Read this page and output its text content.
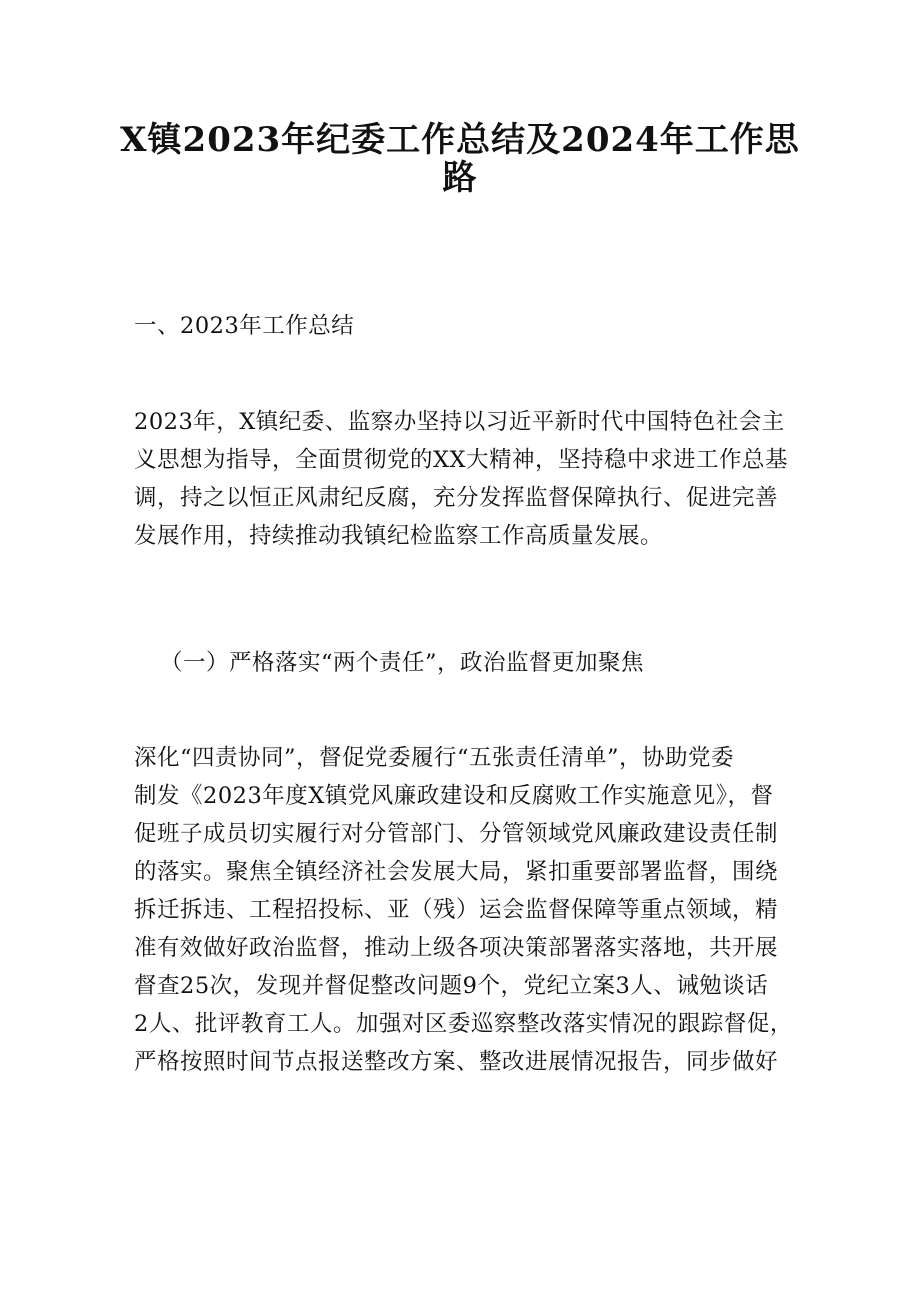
X镇2023年纪委工作总结及2024年工作思
路
一、2023年工作总结
2023年，X镇纪委、监察办坚持以习近平新时代中国特色社会主
义思想为指导，全面贯彻党的XX大精神，坚持稳中求进工作总基
调，持之以恒正风肃纪反腐，充分发挥监督保障执行、促进完善
发展作用，持续推动我镇纪检监察工作高质量发展。
（一）严格落实“两个责任”，政治监督更加聚焦
深化“四责协同”，督促党委履行“五张责任清单”，协助党委
制发《2023年度X镇党风廉政建设和反腐败工作实施意见》，督
促班子成员切实履行对分管部门、分管领域党风廉政建设责任制
的落实。聚焦全镇经济社会发展大局，紧扣重要部署监督，围绕
拆迁拆违、工程招投标、亚（残）运会监督保障等重点领域，精
准有效做好政治监督，推动上级各项决策部署落实落地，共开展
督查25次，发现并督促整改问题9个，党纪立案3人、诫勉谈话
2人、批评教育工人。加强对区委巡察整改落实情况的跟踪督促，
严格按照时间节点报送整改方案、整改进展情况报告，同步做好
